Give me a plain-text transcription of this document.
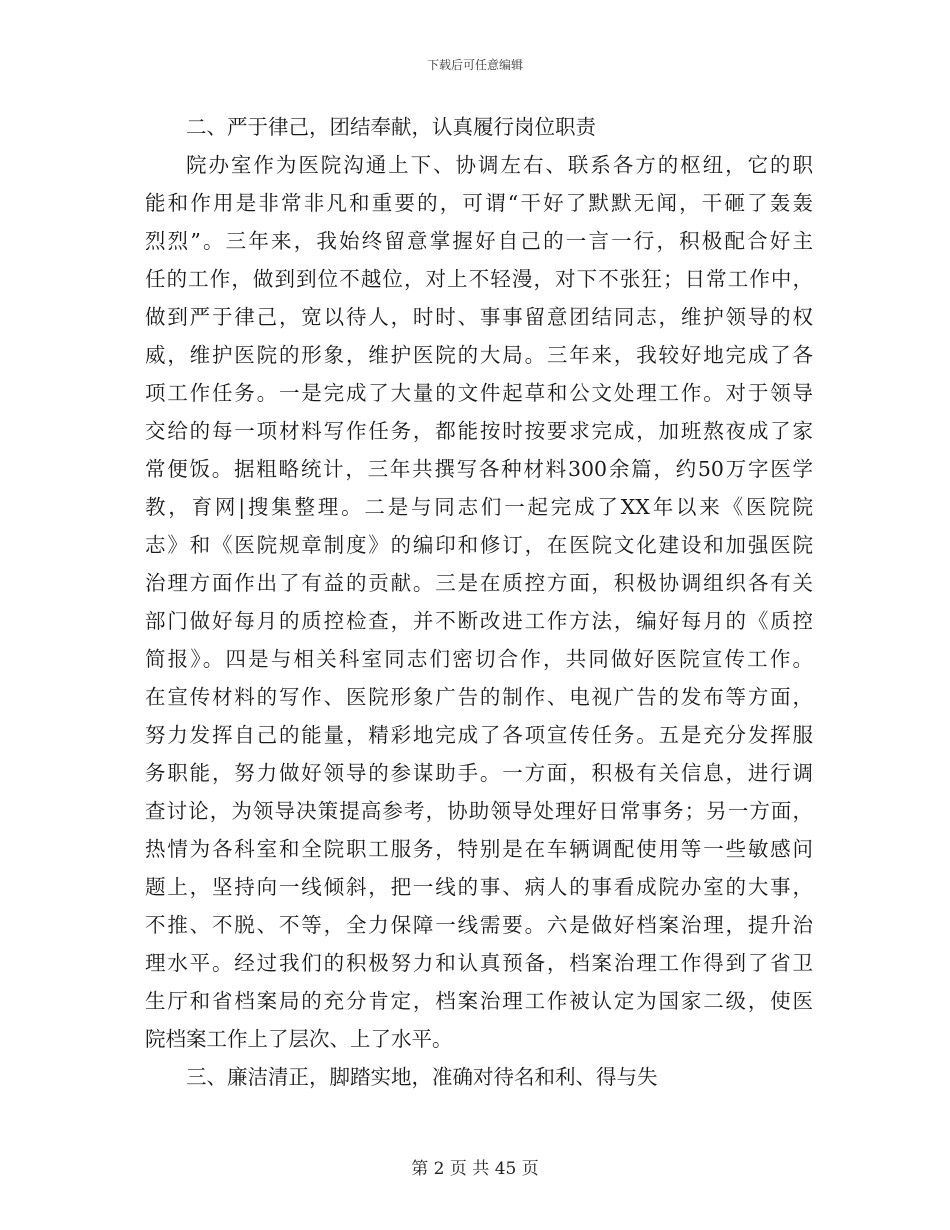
下载后可任意编辑
二、严于律己，团结奉献，认真履行岗位职责
院办室作为医院沟通上下、协调左右、联系各方的枢纽，它的职
能和作用是非常非凡和重要的，可谓“干好了默默无闻，干砸了轰轰
烈烈”。三年来，我始终留意掌握好自己的一言一行，积极配合好主
任的工作，做到到位不越位，对上不轻漫，对下不张狂；日常工作中，
做到严于律己，宽以待人，时时、事事留意团结同志，维护领导的权
威，维护医院的形象，维护医院的大局。三年来，我较好地完成了各
项工作任务。一是完成了大量的文件起草和公文处理工作。对于领导
交给的每一项材料写作任务，都能按时按要求完成，加班熬夜成了家
常便饭。据粗略统计，三年共撰写各种材料300余篇，约50万字医学
教，育网|搜集整理。二是与同志们一起完成了XX年以来《医院院
志》和《医院规章制度》的编印和修订，在医院文化建设和加强医院
治理方面作出了有益的贡献。三是在质控方面，积极协调组织各有关
部门做好每月的质控检查，并不断改进工作方法，编好每月的《质控
简报》。四是与相关科室同志们密切合作，共同做好医院宣传工作。
在宣传材料的写作、医院形象广告的制作、电视广告的发布等方面，
努力发挥自己的能量，精彩地完成了各项宣传任务。五是充分发挥服
务职能，努力做好领导的参谋助手。一方面，积极有关信息，进行调
查讨论，为领导决策提高参考，协助领导处理好日常事务；另一方面，
热情为各科室和全院职工服务，特别是在车辆调配使用等一些敏感问
题上，坚持向一线倾斜，把一线的事、病人的事看成院办室的大事，
不推、不脱、不等，全力保障一线需要。六是做好档案治理，提升治
理水平。经过我们的积极努力和认真预备，档案治理工作得到了省卫
生厅和省档案局的充分肯定，档案治理工作被认定为国家二级，使医
院档案工作上了层次、上了水平。
三、廉洁清正，脚踏实地，准确对待名和利、得与失
第 2 页 共 45 页
